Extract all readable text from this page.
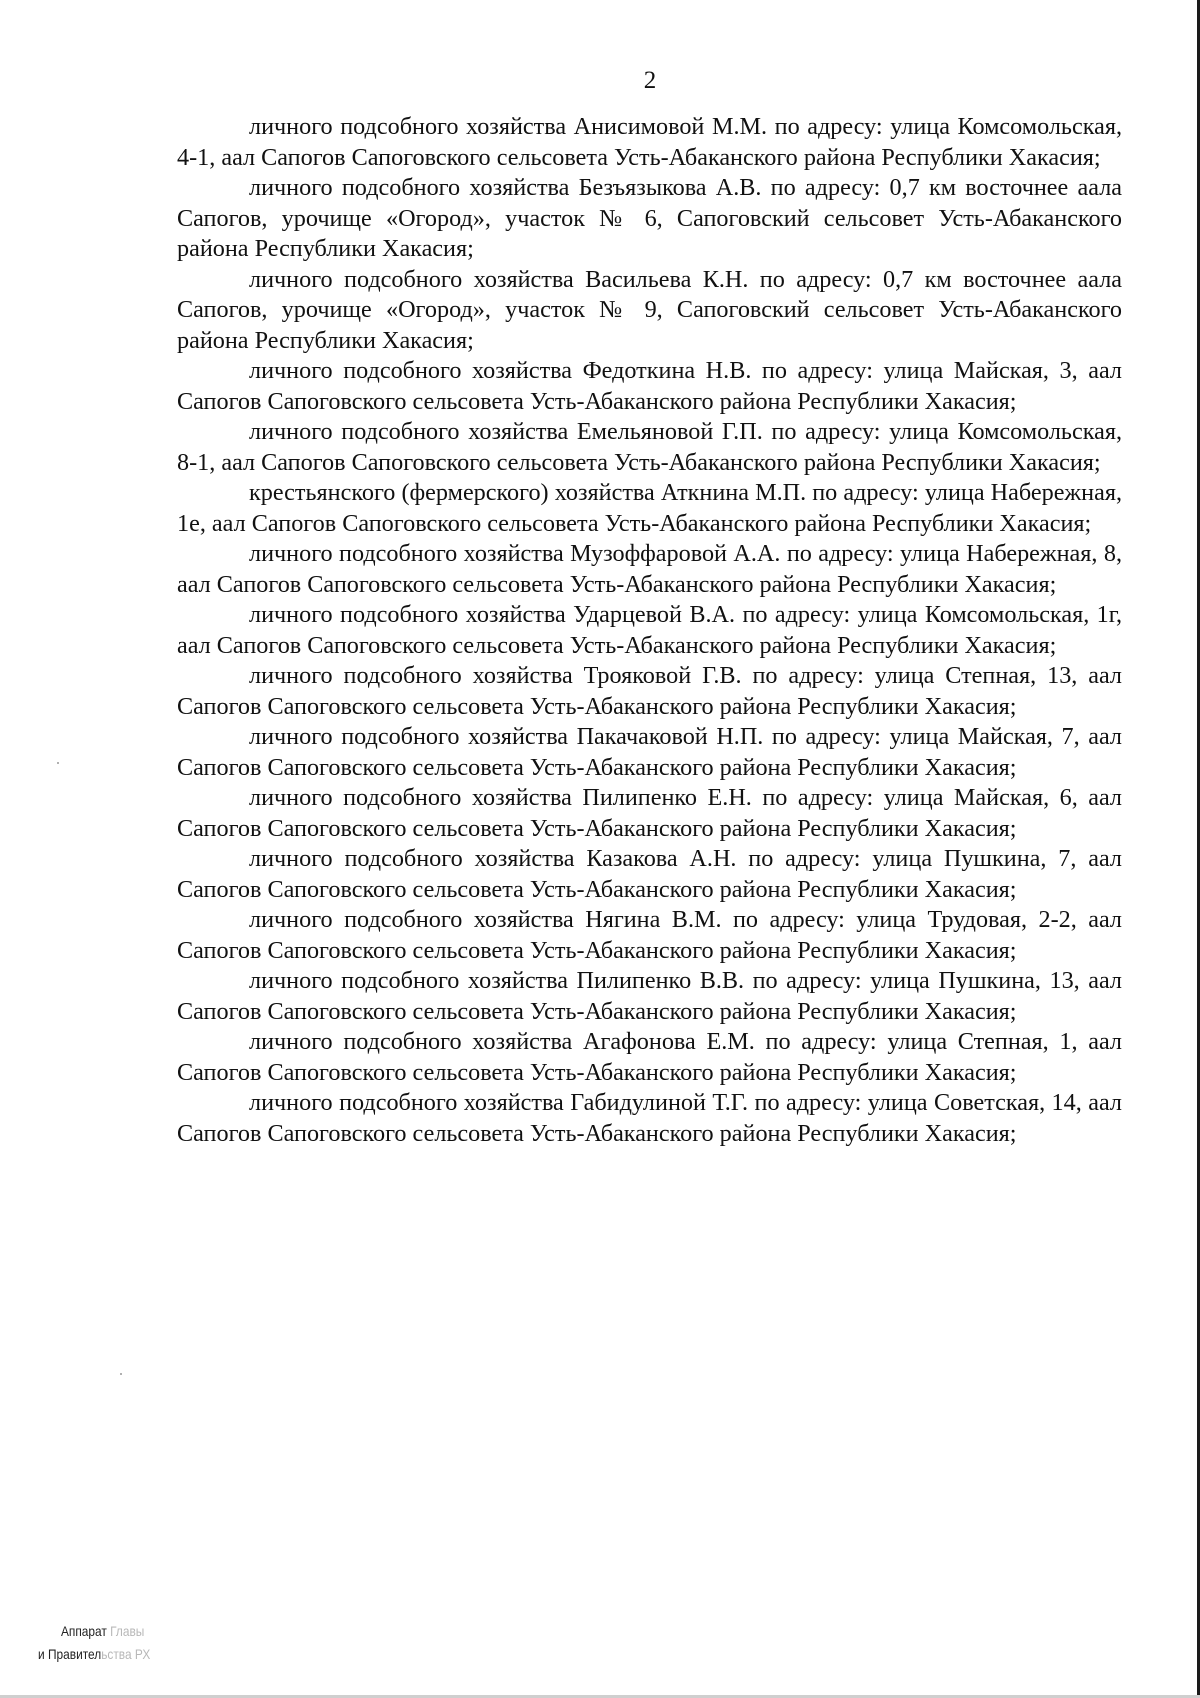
2

личного подсобного хозяйства Анисимовой М.М. по адресу: улица Комсомольская, 4-1, аал Сапогов Сапоговского сельсовета Усть-Абаканского района Республики Хакасия;

личного подсобного хозяйства Безъязыкова А.В. по адресу: 0,7 км восточнее аала Сапогов, урочище «Огород», участок № 6, Сапоговский сельсовет Усть-Абаканского района Республики Хакасия;

личного подсобного хозяйства Васильева К.Н. по адресу: 0,7 км восточнее аала Сапогов, урочище «Огород», участок № 9, Сапоговский сельсовет Усть-Абаканского района Республики Хакасия;

личного подсобного хозяйства Федоткина Н.В. по адресу: улица Майская, 3, аал Сапогов Сапоговского сельсовета Усть-Абаканского района Республики Хакасия;

личного подсобного хозяйства Емельяновой Г.П. по адресу: улица Комсомольская, 8-1, аал Сапогов Сапоговского сельсовета Усть-Абаканского района Республики Хакасия;

крестьянского (фермерского) хозяйства Аткнина М.П. по адресу: улица Набережная, 1е, аал Сапогов Сапоговского сельсовета Усть-Абаканского района Республики Хакасия;

личного подсобного хозяйства Музоффаровой А.А. по адресу: улица Набережная, 8, аал Сапогов Сапоговского сельсовета Усть-Абаканского района Республики Хакасия;

личного подсобного хозяйства Ударцевой В.А. по адресу: улица Комсомольская, 1г, аал Сапогов Сапоговского сельсовета Усть-Абаканского района Республики Хакасия;

личного подсобного хозяйства Трояковой Г.В. по адресу: улица Степная, 13, аал Сапогов Сапоговского сельсовета Усть-Абаканского района Республики Хакасия;

личного подсобного хозяйства Пакачаковой Н.П. по адресу: улица Майская, 7, аал Сапогов Сапоговского сельсовета Усть-Абаканского района Республики Хакасия;

личного подсобного хозяйства Пилипенко Е.Н. по адресу: улица Майская, 6, аал Сапогов Сапоговского сельсовета Усть-Абаканского района Республики Хакасия;

личного подсобного хозяйства Казакова А.Н. по адресу: улица Пушкина, 7, аал Сапогов Сапоговского сельсовета Усть-Абаканского района Республики Хакасия;

личного подсобного хозяйства Нягина В.М. по адресу: улица Трудовая, 2-2, аал Сапогов Сапоговского сельсовета Усть-Абаканского района Республики Хакасия;

личного подсобного хозяйства Пилипенко В.В. по адресу: улица Пушкина, 13, аал Сапогов Сапоговского сельсовета Усть-Абаканского района Республики Хакасия;

личного подсобного хозяйства Агафонова Е.М. по адресу: улица Степная, 1, аал Сапогов Сапоговского сельсовета Усть-Абаканского района Республики Хакасия;

личного подсобного хозяйства Габидулиной Т.Г. по адресу: улица Советская, 14, аал Сапогов Сапоговского сельсовета Усть-Абаканского района Республики Хакасия;

Аппарат Главы
и Правительства РХ
